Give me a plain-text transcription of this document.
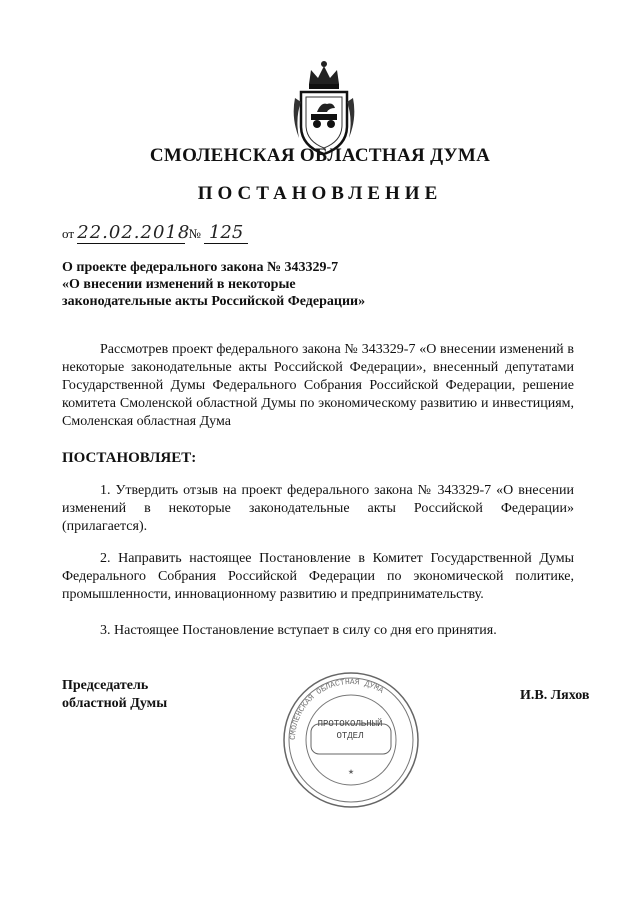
СМОЛЕНСКАЯ ОБЛАСТНАЯ ДУМА
ПОСТАНОВЛЕНИЕ
от 22.02.2018 № 125
О проекте федерального закона № 343329-7
«О внесении изменений в некоторые
законодательные акты Российской Федерации»
Рассмотрев проект федерального закона № 343329-7 «О внесении изменений в некоторые законодательные акты Российской Федерации», внесенный депутатами Государственной Думы Федерального Собрания Российской Федерации, решение комитета Смоленской областной Думы по экономическому развитию и инвестициям, Смоленская областная Дума
ПОСТАНОВЛЯЕТ:
1. Утвердить отзыв на проект федерального закона № 343329-7 «О внесении изменений в некоторые законодательные акты Российской Федерации» (прилагается).
2. Направить настоящее Постановление в Комитет Государственной Думы Федерального Собрания Российской Федерации по экономической политике, промышленности, инновационному развитию и предпринимательству.
3. Настоящее Постановление вступает в силу со дня его принятия.
Председатель
областной Думы
И.В. Ляхов
СМОЛЕНСКАЯ ОБЛАСТНАЯ ДУМА
★
ПРОТОКОЛЬНЫЙ
ОТДЕЛ
